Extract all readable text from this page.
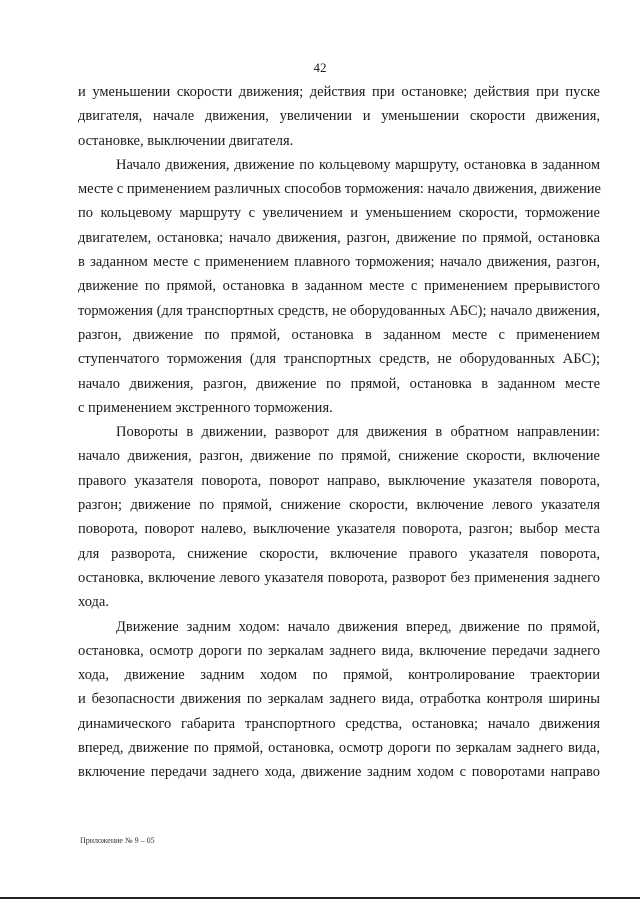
42
и уменьшении скорости движения; действия при остановке; действия при пуске
двигателя, начале движения, увеличении и уменьшении скорости движения,
остановке, выключении двигателя.
Начало движения, движение по кольцевому маршруту, остановка в заданном
месте с применением различных способов торможения: начало движения, движение
по кольцевому маршруту с увеличением и уменьшением скорости, торможение
двигателем, остановка; начало движения, разгон, движение по прямой, остановка
в заданном месте с применением плавного торможения; начало движения, разгон,
движение по прямой, остановка в заданном месте с применением прерывистого
торможения (для транспортных средств, не оборудованных АБС); начало движения,
разгон, движение по прямой, остановка в заданном месте с применением
ступенчатого торможения (для транспортных средств, не оборудованных АБС);
начало движения, разгон, движение по прямой, остановка в заданном месте
с применением экстренного торможения.
Повороты в движении, разворот для движения в обратном направлении:
начало движения, разгон, движение по прямой, снижение скорости, включение
правого указателя поворота, поворот направо, выключение указателя поворота,
разгон; движение по прямой, снижение скорости, включение левого указателя
поворота, поворот налево, выключение указателя поворота, разгон; выбор места
для разворота, снижение скорости, включение правого указателя поворота,
остановка, включение левого указателя поворота, разворот без применения заднего
хода.
Движение задним ходом: начало движения вперед, движение по прямой,
остановка, осмотр дороги по зеркалам заднего вида, включение передачи заднего
хода, движение задним ходом по прямой, контролирование траектории
и безопасности движения по зеркалам заднего вида, отработка контроля ширины
динамического габарита транспортного средства, остановка; начало движения
вперед, движение по прямой, остановка, осмотр дороги по зеркалам заднего вида,
включение передачи заднего хода, движение задним ходом с поворотами направо
Приложение № 9 – 05
